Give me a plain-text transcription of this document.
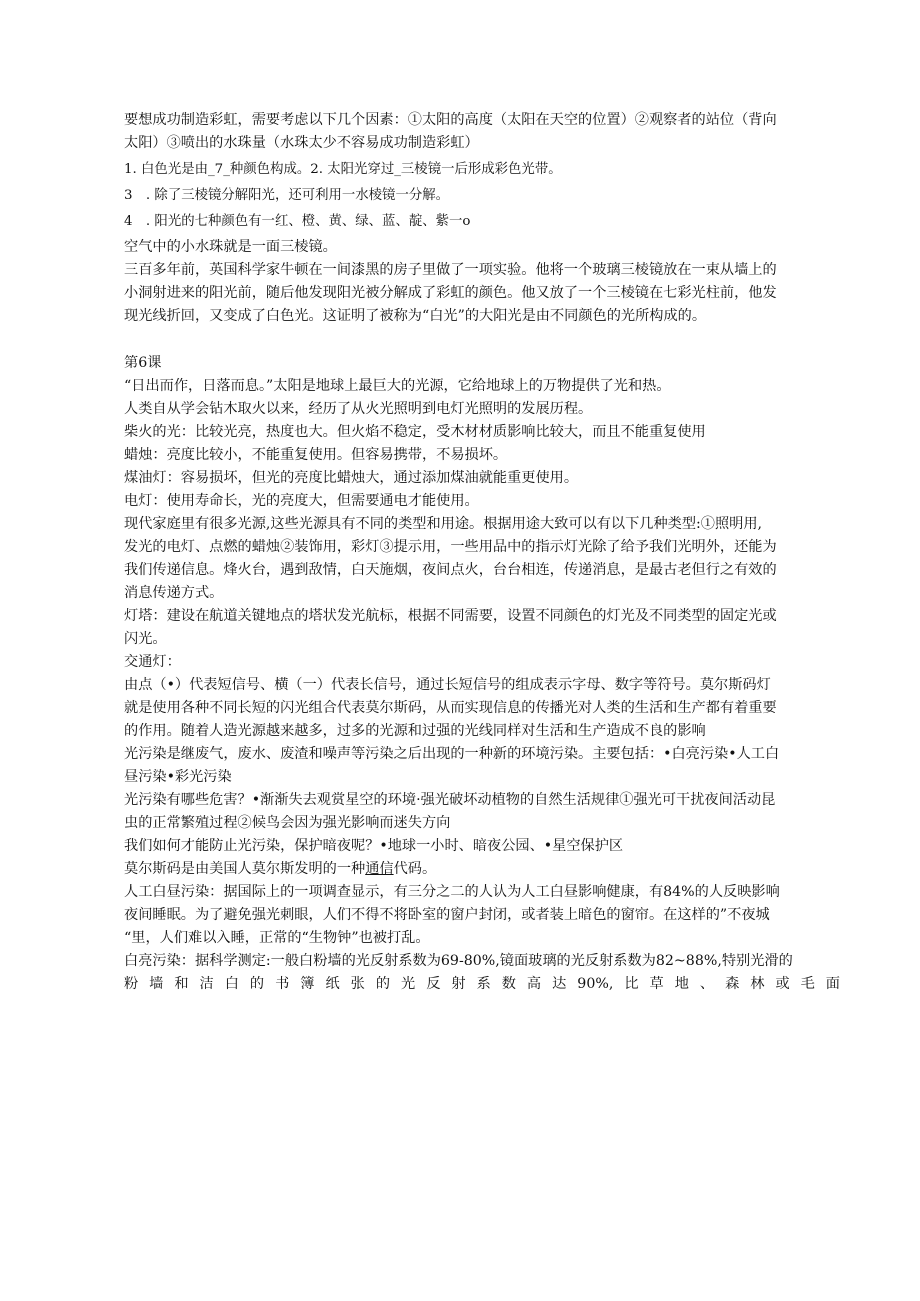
要想成功制造彩虹，需要考虑以下几个因素：①太阳的高度（太阳在天空的位置）②观察者的站位（背向
太阳）③喷出的水珠量（水珠太少不容易成功制造彩虹）
1. 白色光是由_7_种颜色构成。2. 太阳光穿过_三棱镜一后形成彩色光带。
3　. 除了三棱镜分解阳光，还可利用一水棱镜一分解。
4　. 阳光的七种颜色有一红、橙、黄、绿、蓝、靛、紫一o
空气中的小水珠就是一面三棱镜。
三百多年前，英国科学家牛顿在一间漆黑的房子里做了一项实验。他将一个玻璃三棱镜放在一束从墙上的
小洞射进来的阳光前，随后他发现阳光被分解成了彩虹的颜色。他又放了一个三棱镜在七彩光柱前，他发
现光线折回，又变成了白色光。这证明了被称为“白光”的大阳光是由不同颜色的光所构成的。
第6课
“日出而作，日落而息。”太阳是地球上最巨大的光源，它给地球上的万物提供了光和热。
人类自从学会钻木取火以来，经历了从火光照明到电灯光照明的发展历程。
柴火的光：比较光亮，热度也大。但火焰不稳定，受木材材质影响比较大，而且不能重复使用
蜡烛：亮度比较小，不能重复使用。但容易携带，不易损坏。
煤油灯：容易损坏，但光的亮度比蜡烛大，通过添加煤油就能重更使用。
电灯：使用寿命长，光的亮度大，但需要通电才能使用。
现代家庭里有很多光源,这些光源具有不同的类型和用途。根据用途大致可以有以下几种类型:①照明用,
发光的电灯、点燃的蜡烛②装饰用，彩灯③提示用，一些用品中的指示灯光除了给予我们光明外，还能为
我们传递信息。烽火台，遇到敌情，白天施烟，夜间点火，台台相连，传递消息，是最古老但行之有效的
消息传递方式。
灯塔：建设在航道关键地点的塔状发光航标，根据不同需要，设置不同颜色的灯光及不同类型的固定光或
闪光。
交通灯：
由点（•）代表短信号、横（一）代表长信号，通过长短信号的组成表示字母、数字等符号。莫尔斯码灯
就是使用各种不同长短的闪光组合代表莫尔斯码，从而实现信息的传播光对人类的生活和生产都有着重要
的作用。随着人造光源越来越多，过多的光源和过强的光线同样对生活和生产造成不良的影响
光污染是继废气，废水、废渣和噪声等污染之后出现的一种新的环境污染。主要包括：•白亮污染•人工白
昼污染•彩光污染
光污染有哪些危害？•渐渐失去观赏星空的环境·强光破坏动植物的自然生活规律①强光可干扰夜间活动昆
虫的正常繁殖过程②候鸟会因为强光影响而迷失方向
我们如何才能防止光污染，保护暗夜呢？•地球一小时、暗夜公园、•星空保护区
莫尔斯码是由美国人莫尔斯发明的一种通信代码。
人工白昼污染：据国际上的一项调查显示，有三分之二的人认为人工白昼影响健康，有84%的人反映影响
夜间睡眠。为了避免强光刺眼，人们不得不将卧室的窗户封闭，或者装上暗色的窗帘。在这样的”不夜城
“里，人们难以入睡，正常的“生物钟”也被打乱。
白亮污染：据科学测定:一般白粉墙的光反射系数为69-80%,镜面玻璃的光反射系数为82~88%,特别光滑的
粉墙和洁白的书簿纸张的光反射系数高达90%,比草地、森林或毛面
